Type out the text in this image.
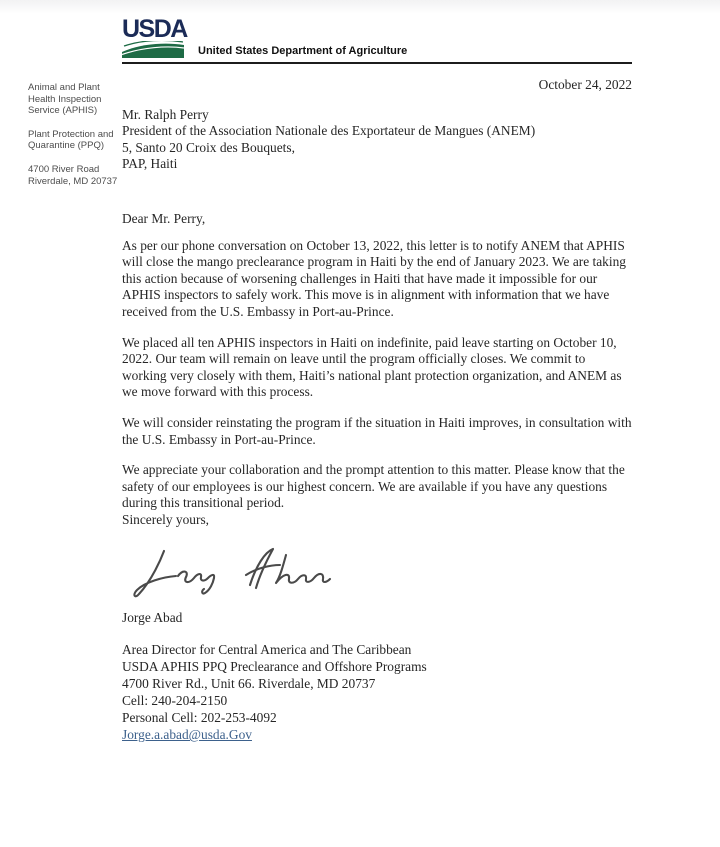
Animal and Plant
Health Inspection
Service (APHIS)
Plant Protection and
Quarantine (PPQ)
4700 River Road
Riverdale, MD 20737
USDA
United States Department of Agriculture
October 24, 2022
Mr. Ralph Perry
President of the Association Nationale des Exportateur de Mangues (ANEM)
5, Santo 20 Croix des Bouquets,
PAP, Haiti
Dear Mr. Perry,

As per our phone conversation on October 13, 2022, this letter is to notify ANEM that APHIS will close the mango preclearance program in Haiti by the end of January 2023. We are taking this action because of worsening challenges in Haiti that have made it impossible for our APHIS inspectors to safely work. This move is in alignment with information that we have received from the U.S. Embassy in Port-au-Prince.

We placed all ten APHIS inspectors in Haiti on indefinite, paid leave starting on October 10, 2022. Our team will remain on leave until the program officially closes. We commit to working very closely with them, Haiti’s national plant protection organization, and ANEM as we move forward with this process.

We will consider reinstating the program if the situation in Haiti improves, in consultation with the U.S. Embassy in Port-au-Prince.

We appreciate your collaboration and the prompt attention to this matter. Please know that the safety of our employees is our highest concern. We are available if you have any questions during this transitional period.

Sincerely yours,
Jorge Abad
Area Director for Central America and The Caribbean
USDA APHIS PPQ Preclearance and Offshore Programs
4700 River Rd., Unit 66. Riverdale, MD 20737
Cell: 240-204-2150
Personal Cell: 202-253-4092
Jorge.a.abad@usda.Gov
